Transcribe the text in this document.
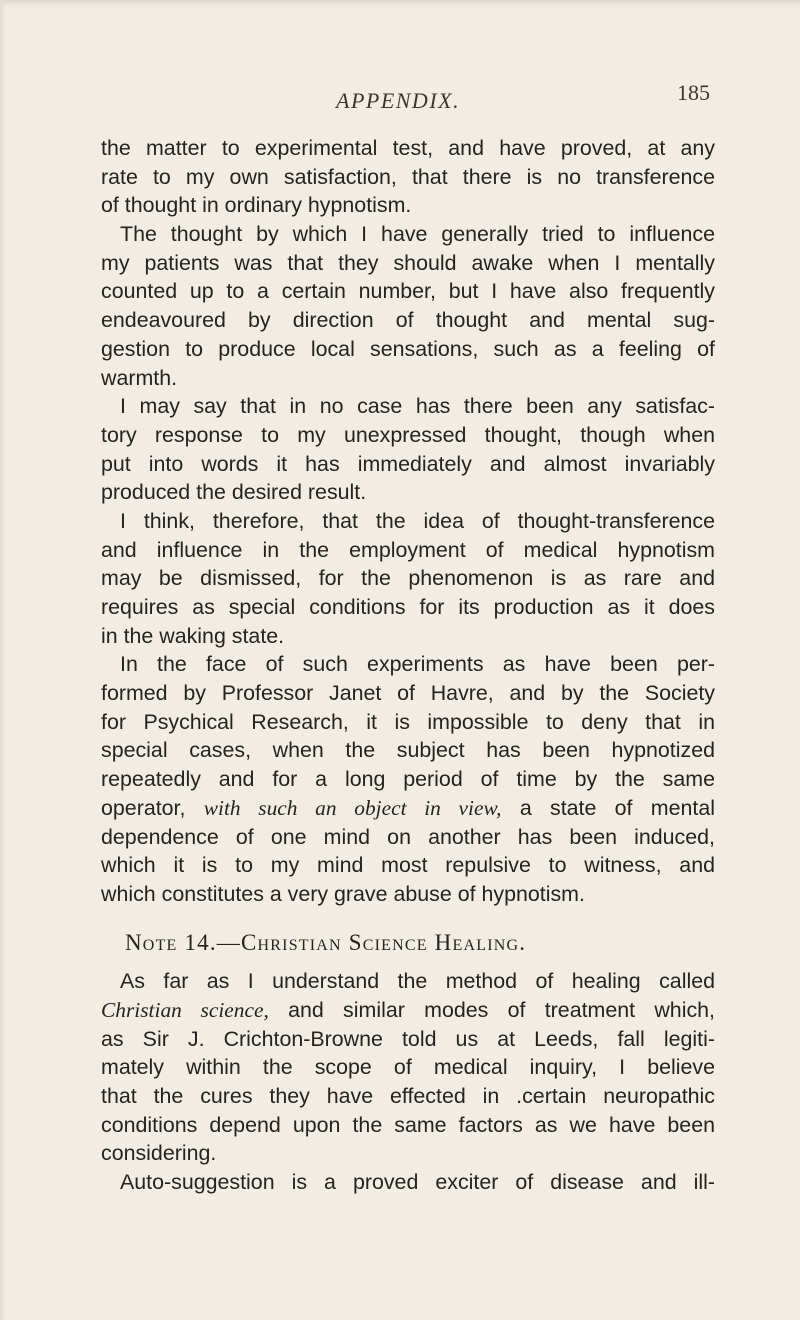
APPENDIX.	185
the matter to experimental test, and have proved, at any
rate to my own satisfaction, that there is no transference
of thought in ordinary hypnotism.
The thought by which I have generally tried to influence
my patients was that they should awake when I mentally
counted up to a certain number, but I have also frequently
endeavoured by direction of thought and mental sug-
gestion to produce local sensations, such as a feeling of
warmth.
I may say that in no case has there been any satisfac-
tory response to my unexpressed thought, though when
put into words it has immediately and almost invariably
produced the desired result.
I think, therefore, that the idea of thought-transference
and influence in the employment of medical hypnotism
may be dismissed, for the phenomenon is as rare and
requires as special conditions for its production as it does
in the waking state.
In the face of such experiments as have been per-
formed by Professor Janet of Havre, and by the Society
for Psychical Research, it is impossible to deny that in
special cases, when the subject has been hypnotized
repeatedly and for a long period of time by the same
operator, with such an object in view, a state of mental
dependence of one mind on another has been induced,
which it is to my mind most repulsive to witness, and
which constitutes a very grave abuse of hypnotism.
Note 14.—Christian Science Healing.
As far as I understand the method of healing called
Christian science, and similar modes of treatment which,
as Sir J. Crichton-Browne told us at Leeds, fall legiti-
mately within the scope of medical inquiry, I believe
that the cures they have effected in .certain neuropathic
conditions depend upon the same factors as we have been
considering.
Auto-suggestion is a proved exciter of disease and ill-
